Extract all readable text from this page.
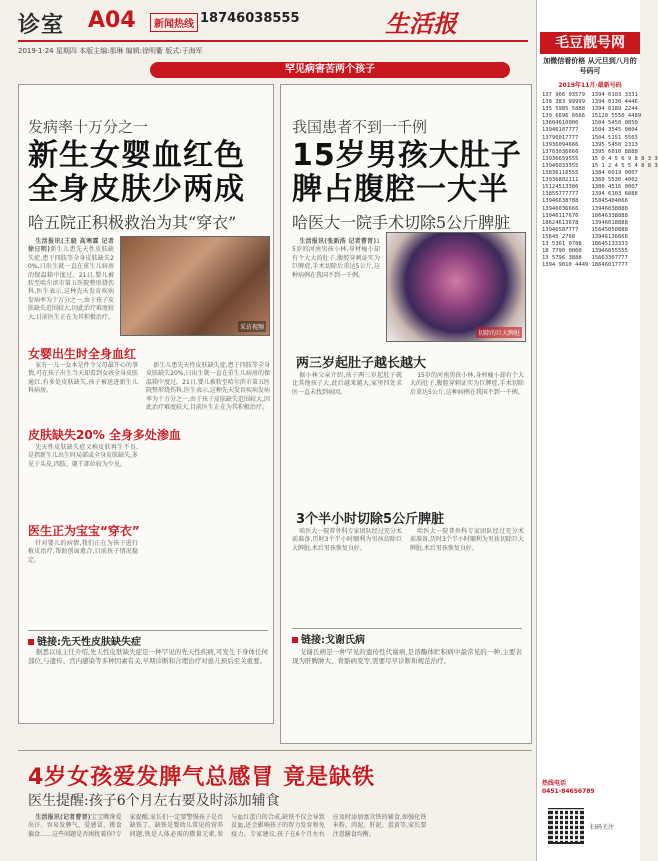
诊室 A04	新闻热线 18746038555	生活报
2019·1·24 星期四 本版主编:那琳 编辑:徐明衢 版式:于海军
罕见病害苦两个孩子
发病率十万分之一
新生女婴血红色
全身皮肤少两成
哈五院正积极救治为其“穿衣”

生活报讯(王晓 高寒霖 记者徐日明)新生儿患先天性皮肤缺失症,患于四肢等全身皮肤缺失20%,日出生就一直在重生儿病房的保温箱中度过。21日,婴儿被转至哈尔滨市第五医院整形烧伤科,医生表示,这种先天发育疾病发病率为十万分之一,由于孩子皮肤缺失范围较大,因此治疗难度较大,目前医生正在为其积极治疗。

采访视频
女婴出生时全身血红

家有一儿一女本是件令父母最开心的事情,可在孩子出生当天却看到女孩全身皮肤通红,有多处皮肤缺失,孩子被送进新生儿科病房。

皮肤缺失20% 全身多处渗血

先天性皮肤缺失症又称皮肤再生不良,是指新生儿出生时局部或全身皮肤缺失,多见于头皮,四肢、躯干部位较为少见。

医生正为宝宝“穿衣”

针对婴儿的病情,我们正在为孩子进行植皮治疗,帮助创面愈合,目前孩子情况稳定。

新生儿患先天性皮肤缺失症,患于四肢等全身皮肤缺失20%,日出生就一直在重生儿病房的保温箱中度过。21日,婴儿被转至哈尔滨市第五医院整形烧伤科,医生表示,这种先天发育疾病发病率为十万分之一,由于孩子皮肤缺失范围较大,因此治疗难度较大,目前医生正在为其积极治疗。

链接:先天性皮肤缺失症

据悉以该主任介绍,先天性皮肤缺失症是一种罕见的先天性疾病,可发生于身体任何部位,与遗传、宫内感染等多种因素有关,早期诊断和合理治疗对患儿预后至关重要。

我国患者不到一千例
15岁男孩大肚子
脾占腹腔一大半
哈医大一院手术切除5公斤脾脏

生活报讯(张新浩 记者曹晋)15岁的河南男孩小林,身材瘦小却有个大大的肚子,腹腔穿刺证实为巨脾症,手术切除后重达5公斤,这种病例在我国不到一千例。

切除的巨大脾脏
两三岁起肚子越长越大

据小林父亲介绍,孩子两三岁起肚子就比其他孩子大,此后越来越大,家里四处求医一直未找到病因。

15岁的河南男孩小林,身材瘦小却有个大大的肚子,腹腔穿刺证实为巨脾症,手术切除后重达5公斤,这种病例在我国不到一千例。

3个半小时切除5公斤脾脏

哈医大一院普外科专家团队经过充分术前准备,历时3个半小时顺利为男孩切除巨大脾脏,术后男孩恢复良好。

哈医大一院普外科专家团队经过充分术前准备,历时3个半小时顺利为男孩切除巨大脾脏,术后男孩恢复良好。

链接:戈谢氏病

戈谢氏病是一种罕见的遗传性代谢病,是溶酶体贮积病中最常见的一种,主要表现为肝脾肿大、骨骼病变等,需要尽早诊断和规范治疗。

毛豆靓号网
加微信看价格 从元旦到八月的号码可
2019年11月·最新号码
137 966 03579
138 383 99999
135 5985 5888
139 6696 6666
13604610000
13946107777
13796017777
13936094666
13703036666
13936659555
13946033355
13836110555
13936802111
15124513386
13855777777
13946638788
13946036666
13946117676
18624613678
13946587777
15645 2768
13 5361 0788
18 7790 0000
13 5796 3888
1394 9010 4449
1394 6103 3331
1394 0130 4446
1394 6189 2244
15120 5550 4489
1504 5450 0850
1504 3545 0804
1504 5151 5503
1395 5450 2313
1395 6010 8888
15 0 4 5 6 9 8 8 3 3
15 1 2 4 5 5 4 8 8 3
1384 6019 0007
1360 5530 4002
1380 4516 0007
1394 6103 6888
15045404066
13946038888
18646338888
13946018888
15645050888
13946136666
18645133333
13946055555
15663307777
18646017777
热线电话
0451-84656789
扫码关注
4岁女孩爱发脾气总感冒 竟是缺铁
医生提醒:孩子6个月左右要及时添加辅食

生活报讯(记者曹晋)宝宝嘴馋爱出汗、容易发脾气、爱感冒、挑食偏食……这些问题是否困扰着你?专家提醒,家长们一定要警惕孩子是否缺铁了。缺铁是婴幼儿常见的营养问题,铁是人体必需的微量元素,参与血红蛋白的合成,缺铁不仅会导致贫血,还会影响孩子的智力发育和免疫力。专家建议,孩子在6个月左右应及时添加富含铁的辅食,如强化铁米粉、肉泥、肝泥、蛋黄等,家长要注意膳食均衡。
